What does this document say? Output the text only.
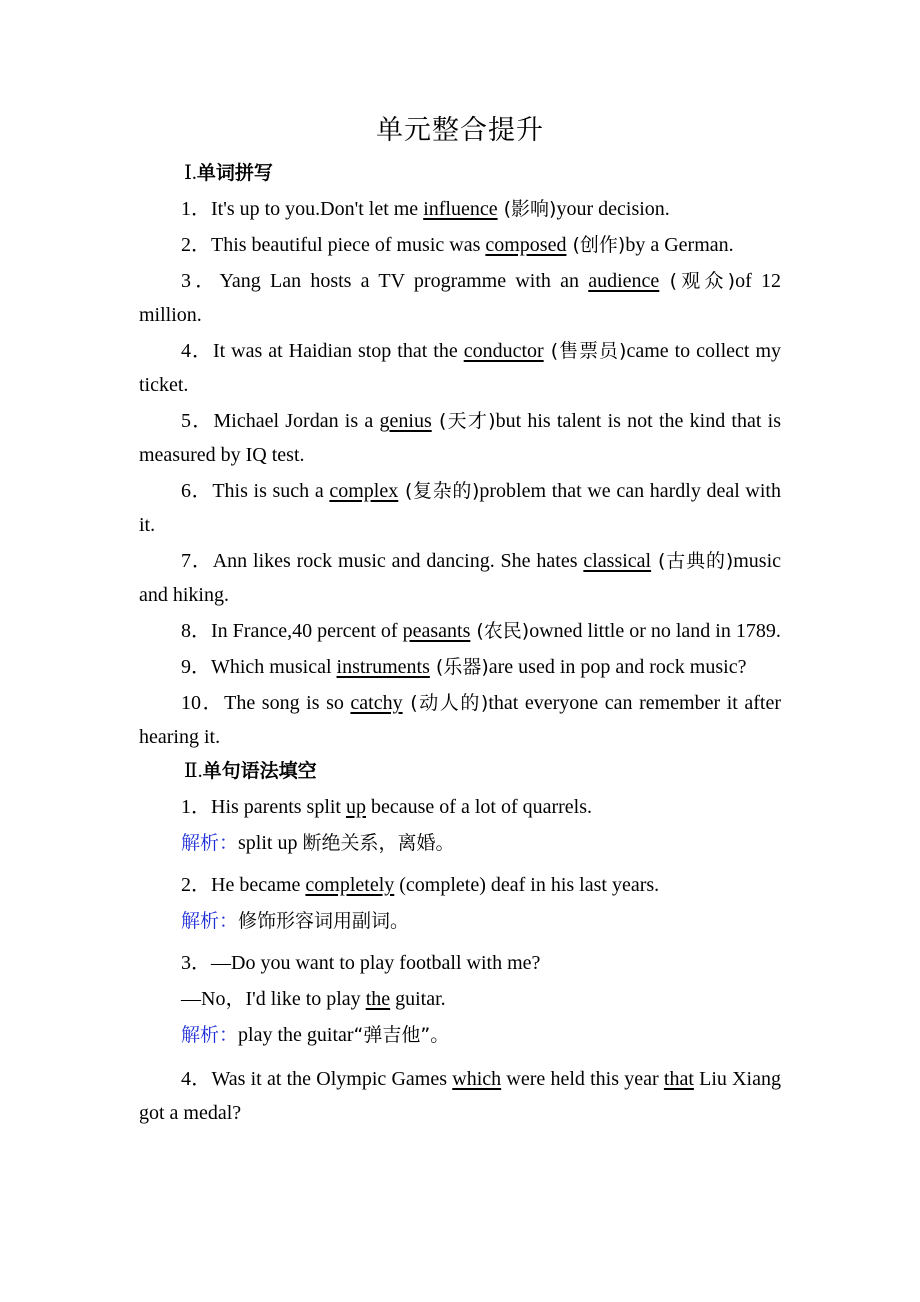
单元整合提升
Ⅰ.单词拼写
1．It's up to you.Don't let me influence (影响)your decision.
2．This beautiful piece of music was composed (创作)by a German.
3．Yang Lan hosts a TV programme with an audience (观众)of 12 million.
4．It was at Haidian stop that the conductor (售票员)came to collect my ticket.
5．Michael Jordan is a genius (天才)but his talent is not the kind that is measured by IQ test.
6．This is such a complex (复杂的)problem that we can hardly deal with it.
7．Ann likes rock music and dancing. She hates classical (古典的)music and hiking.
8．In France,40 percent of peasants (农民)owned little or no land in 1789.
9．Which musical instruments (乐器)are used in pop and rock music?
10．The song is so catchy (动人的)that everyone can remember it after hearing it.
Ⅱ.单句语法填空
1．His parents split up because of a lot of quarrels.
解析：split up 断绝关系，离婚。
2．He became completely (complete) deaf in his last years.
解析：修饰形容词用副词。
3．—Do you want to play football with me?
—No，I'd like to play the guitar.
解析：play the guitar“弹吉他”。
4．Was it at the Olympic Games which were held this year that Liu Xiang got a medal?
